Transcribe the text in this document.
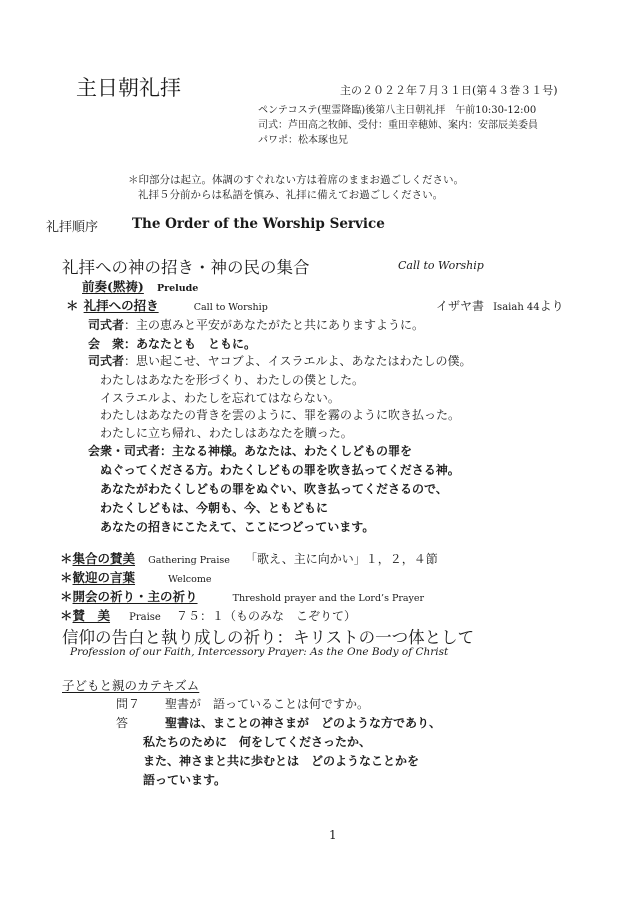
主日朝礼拝	主の２０２２年７月３１日(第４３巻３１号)
ペンテコステ(聖霊降臨)後第八主日朝礼拝　午前10:30-12:00
司式：芦田高之牧師、受付：重田幸穂姉、案内：安部辰美委員
パワポ：松本琢也兄
＊印部分は起立。体調のすぐれない方は着席のままお過ごしください。
礼拝５分前からは私語を慎み、礼拝に備えてお過ごしください。
礼拝順序	The Order of the Worship Service
礼拝への神の招き・神の民の集合	Call to Worship
前奏(黙祷) Prelude
＊ 礼拝への招き	Call to Worship	イザヤ書 Isaiah 44より
司式者：主の恵みと平安があなたがたと共にありますように。
会　衆：あなたとも　ともに。
司式者：思い起こせ、ヤコブよ、イスラエルよ、あなたはわたしの僕。
わたしはあなたを形づくり、わたしの僕とした。
イスラエルよ、わたしを忘れてはならない。
わたしはあなたの背きを雲のように、罪を霧のように吹き払った。
わたしに立ち帰れ、わたしはあなたを贖った。
会衆・司式者：主なる神様。あなたは、わたくしどもの罪を
ぬぐってくださる方。わたくしどもの罪を吹き払ってくださる神。
あなたがわたくしどもの罪をぬぐい、吹き払ってくださるので、
わたくしどもは、今朝も、今、ともどもに
あなたの招きにこたえて、ここにつどっています。
＊集合の賛美 Gathering Praise 「歌え、主に向かい」１，２，４節
＊歓迎の言葉	Welcome
＊開会の祈り・主の祈り	Threshold prayer and the Lord’s Prayer
＊賛　美 Praise ７５：１（ものみな　こぞりて）
信仰の告白と執り成しの祈り：キリストの一つ体として
Profession of our Faith, Intercessory Prayer: As the One Body of Christ
子どもと親のカテキズム
問７ 聖書が　語っていることは何ですか。
答	聖書は、まことの神さまが　どのような方であり、
私たちのために　何をしてくださったか、
また、神さまと共に歩むとは　どのようなことかを
語っています。
1
